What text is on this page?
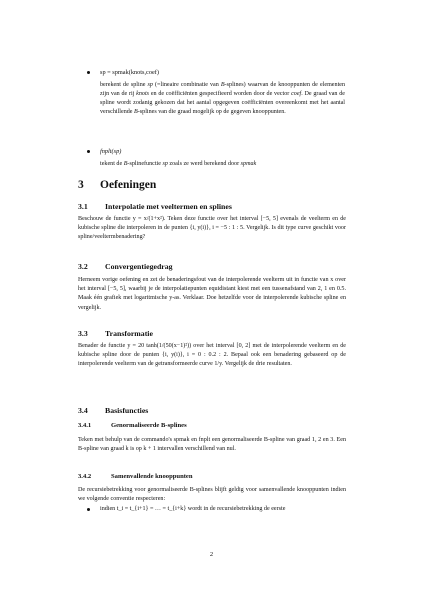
sp = spmak(knots,coef)
berekent de spline sp (=lineaire combinatie van B-splines) waarvan de knooppunten de elementen zijn van de rij knots en de coëfficiënten gespecifieerd worden door de vector coef. De graad van de spline wordt zodanig gekozen dat het aantal opgegeven coëfficiënten overeenkomt met het aantal verschillende B-splines van die graad mogelijk op de gegeven knooppunten.
fnplt(sp)
tekent de B-splinefunctie sp zoals ze werd berekend door spmak
3 Oefeningen
3.1 Interpolatie met veeltermen en splines
Beschouw de functie y = x/(1+x²). Teken deze functie over het interval [−5, 5] evenals de veelterm en de kubische spline die interpoleren in de punten {i, y(i)}, i = −5 : 1 : 5. Vergelijk. Is dit type curve geschikt voor spline/veeltermbenadering?
3.2 Convergentiegedrag
Herneem vorige oefening en zet de benaderingsfout van de interpolerende veelterm uit in functie van x over het interval [−5, 5], waarbij je de interpolatiepunten equidistant kiest met een tussenafstand van 2, 1 en 0.5. Maak één grafiek met logaritmische y-as. Verklaar. Doe hetzelfde voor de interpolerende kubische spline en vergelijk.
3.3 Transformatie
Benader de functie y = 20 tanh(1/(50(x−1)²)) over het interval [0, 2] met de interpolerende veelterm en de kubische spline door de punten {i, y(i)}, i = 0 : 0.2 : 2. Bepaal ook een benadering gebaseerd op de interpolerende veelterm van de getransformeerde curve 1/y. Vergelijk de drie resultaten.
3.4 Basisfuncties
3.4.1	Genormaliseerde B-splines
Teken met behulp van de commando's spmak en fnplt een genormaliseerde B-spline van graad 1, 2 en 3. Een B-spline van graad k is op k + 1 intervallen verschillend van nul.
3.4.2	Samenvallende knooppunten
De recursiebetrekking voor genormaliseerde B-splines blijft geldig voor samenvallende knooppunten indien we volgende conventie respecteren:
indien t_i = t_{i+1} = … = t_{i+k} wordt in de recursiebetrekking de eerste
2
